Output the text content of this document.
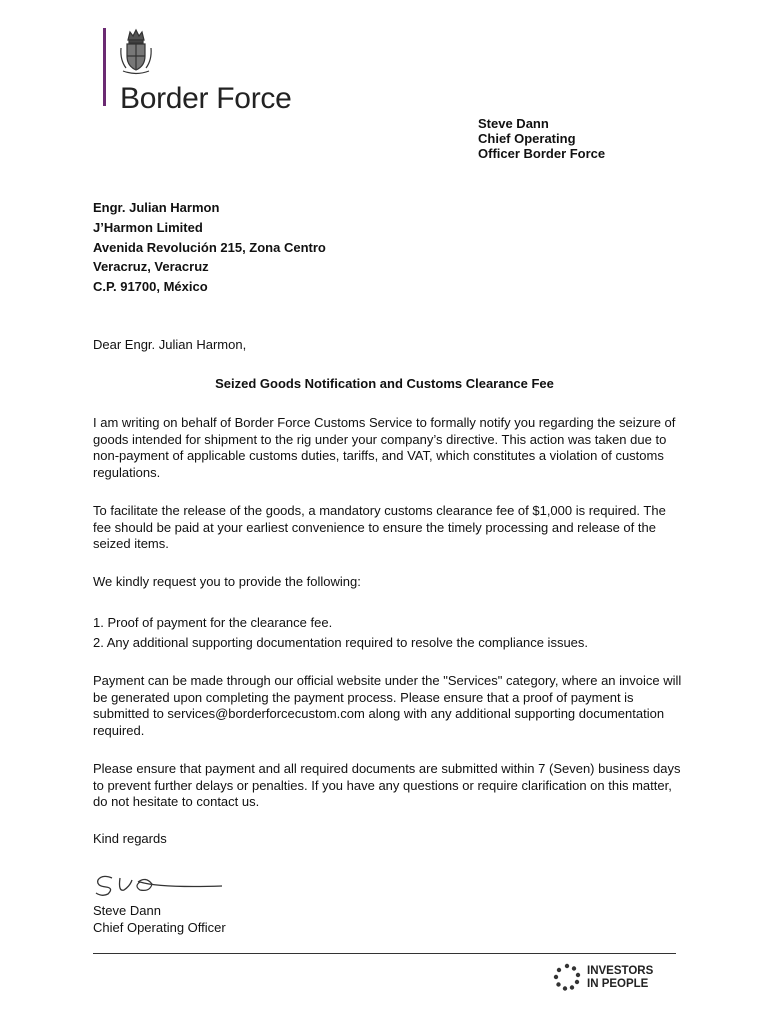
Border Force
Steve Dann
Chief Operating
Officer Border Force
Engr. Julian Harmon
J’Harmon Limited
Avenida Revolución 215, Zona Centro
Veracruz, Veracruz
C.P. 91700, México
Dear Engr. Julian Harmon,
Seized Goods Notification and Customs Clearance Fee

I am writing on behalf of Border Force Customs Service to formally notify you regarding the seizure of goods intended for shipment to the rig under your company’s directive. This action was taken due to non-payment of applicable customs duties, tariffs, and VAT, which constitutes a violation of customs regulations.

To facilitate the release of the goods, a mandatory customs clearance fee of $1,000 is required. The fee should be paid at your earliest convenience to ensure the timely processing and release of the seized items.

We kindly request you to provide the following:

1. Proof of payment for the clearance fee.
2. Any additional supporting documentation required to resolve the compliance issues.

Payment can be made through our official website under the "Services" category, where an invoice will be generated upon completing the payment process. Please ensure that a proof of payment is submitted to services@borderforcecustom.com along with any additional supporting documentation required.

Please ensure that payment and all required documents are submitted within 7 (Seven) business days to prevent further delays or penalties. If you have any questions or require clarification on this matter, do not hesitate to contact us.

Kind regards
Steve Dann
Chief Operating Officer
INVESTORS
IN PEOPLE
